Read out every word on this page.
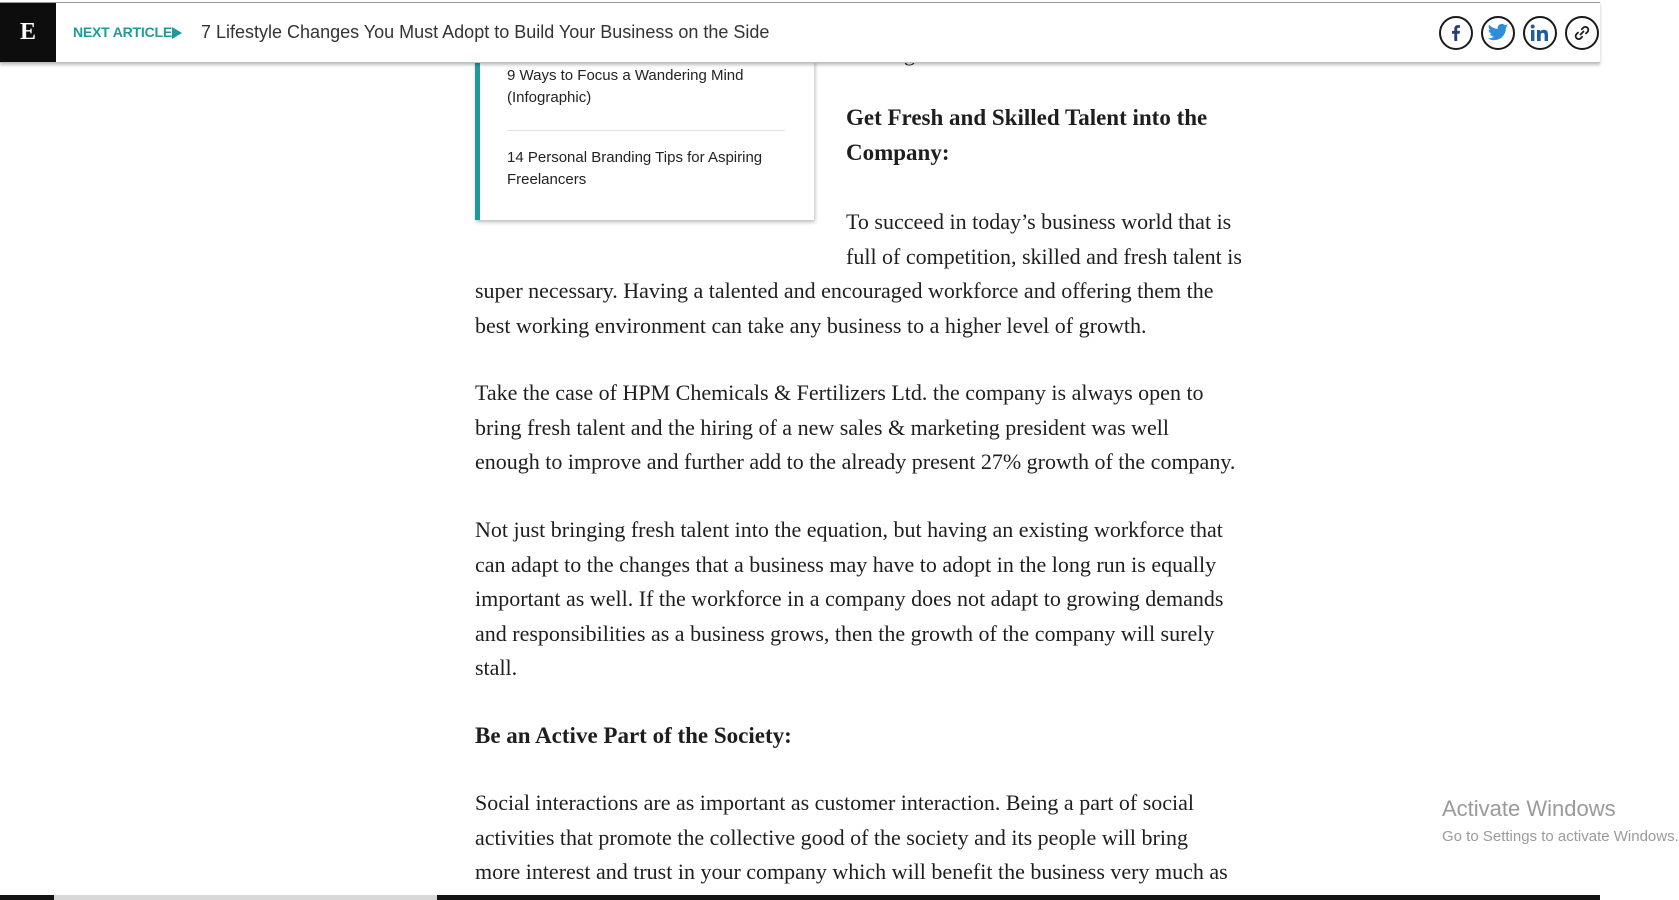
E	NEXT ARTICLE 7 Lifestyle Changes You Must Adopt to Build Your Business on the Side
9 Ways to Focus a Wandering Mind (Infographic)
14 Personal Branding Tips for Aspiring Freelancers
Get Fresh and Skilled Talent into the Company:
To succeed in today’s business world that is
full of competition, skilled and fresh talent is
super necessary. Having a talented and encouraged workforce and offering them the
best working environment can take any business to a higher level of growth.
Take the case of HPM Chemicals & Fertilizers Ltd. the company is always open to
bring fresh talent and the hiring of a new sales & marketing president was well
enough to improve and further add to the already present 27% growth of the company.
Not just bringing fresh talent into the equation, but having an existing workforce that
can adapt to the changes that a business may have to adopt in the long run is equally
important as well. If the workforce in a company does not adapt to growing demands
and responsibilities as a business grows, then the growth of the company will surely
stall.
Be an Active Part of the Society:
Social interactions are as important as customer interaction. Being a part of social
activities that promote the collective good of the society and its people will bring
more interest and trust in your company which will benefit the business very much as
Activate Windows
Go to Settings to activate Windows.
